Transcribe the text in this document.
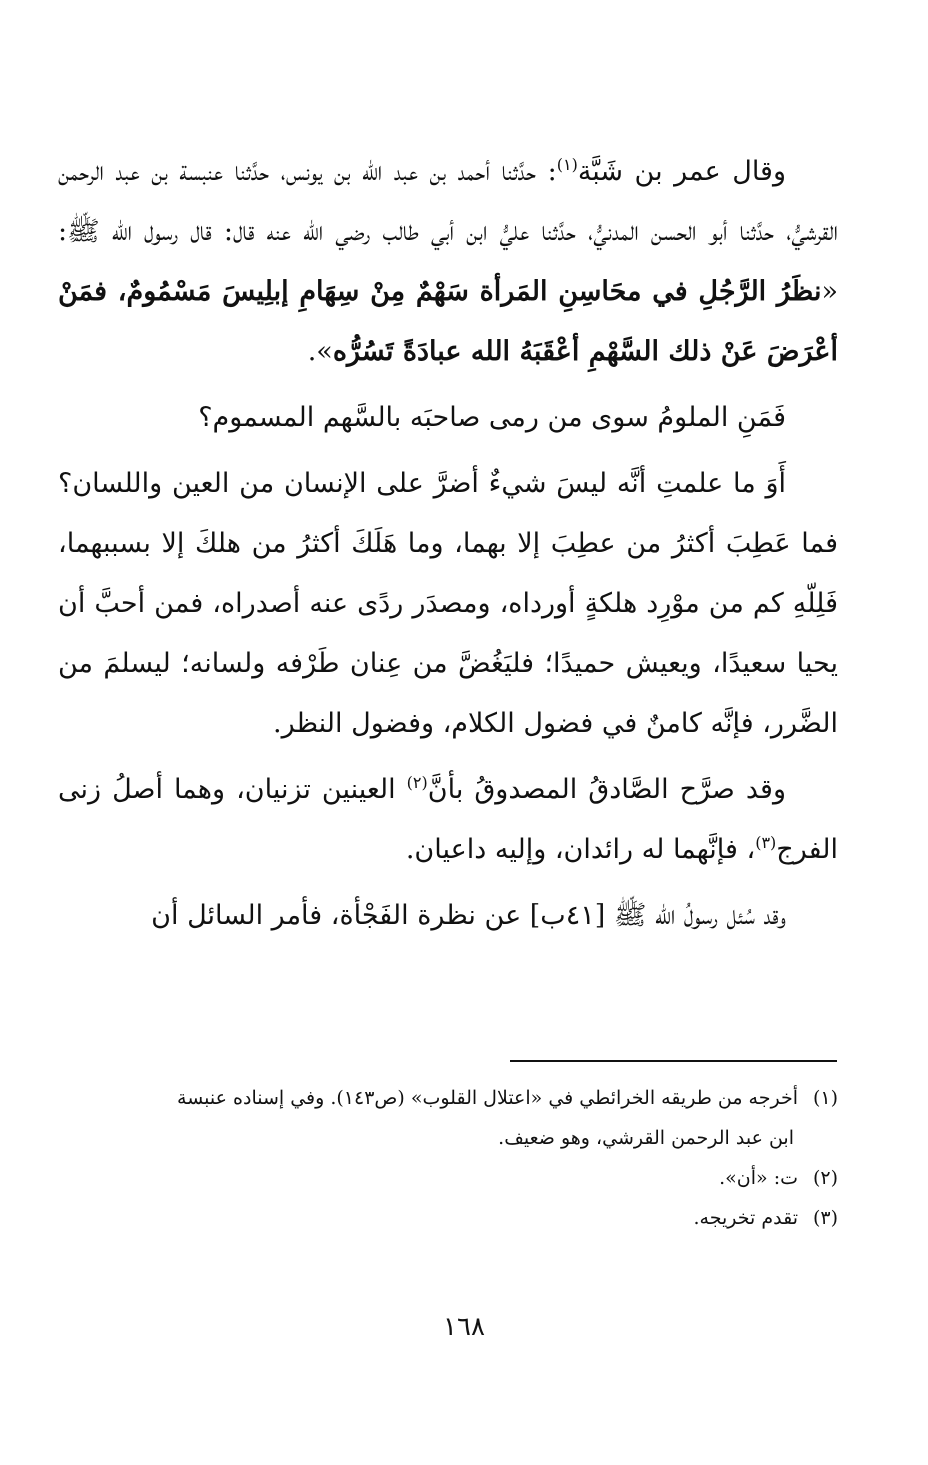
وقال عمر بن شَبَّة$^{(١)}$: حدَّثنا أحمد بن عبد الله بن يونس، حدَّثنا عنبسة بن عبد الرحمن القرشيُّ، حدَّثنا أبو الحسن المدنيُّ، حدَّثنا عليُّ ابن أبي طالب رضي الله عنه قال: قال رسول الله ﷺ: «نظَرُ الرَّجُلِ في محَاسِنِ المَرأة سَهْمٌ مِنْ سِهَامِ إبلِيسَ مَسْمُومٌ، فمَنْ أعْرَضَ عَنْ ذلك السَّهْمِ أعْقَبَهُ الله عبادَةً تَسُرُّه».

فَمَنِ الملومُ سوى من رمى صاحبَه بالسَّهم المسموم؟

أَوَ ما علمتِ أنَّه ليسَ شيءٌ أضرَّ على الإنسان من العين واللسان؟ فما عَطِبَ أكثرُ من عطِبَ إلا بهما، وما هَلَكَ أكثرُ من هلكَ إلا بسببهما، فَلِلّهِ كم من موْرِد هلكةٍ أورداه، ومصدَر ردًى عنه أصدراه، فمن أحبَّ أن يحيا سعيدًا، ويعيش حميدًا؛ فليَغُضَّ من عِنان طَرْفه ولسانه؛ ليسلمَ من الضَّرر، فإنَّه كامنٌ في فضول الكلام، وفضول النظر.

وقد صرَّح الصَّادقُ المصدوقُ بأنَّ$^{(٢)}$ العينين تزنيان، وهما أصلُ زنى الفرج$^{(٣)}$، فإنَّهما له رائدان، وإليه داعيان.

وقد سُئل رسولُ الله ﷺ [٤١ب] عن نظرة الفَجْأة، فأمر السائل أن

(١)أخرجه من طريقه الخرائطي في «اعتلال القلوب» (ص١٤٣). وفي إسناده عنبسة

ابن عبد الرحمن القرشي، وهو ضعيف.

(٢)ت: «أن».

(٣)تقدم تخريجه.

١٦٨
